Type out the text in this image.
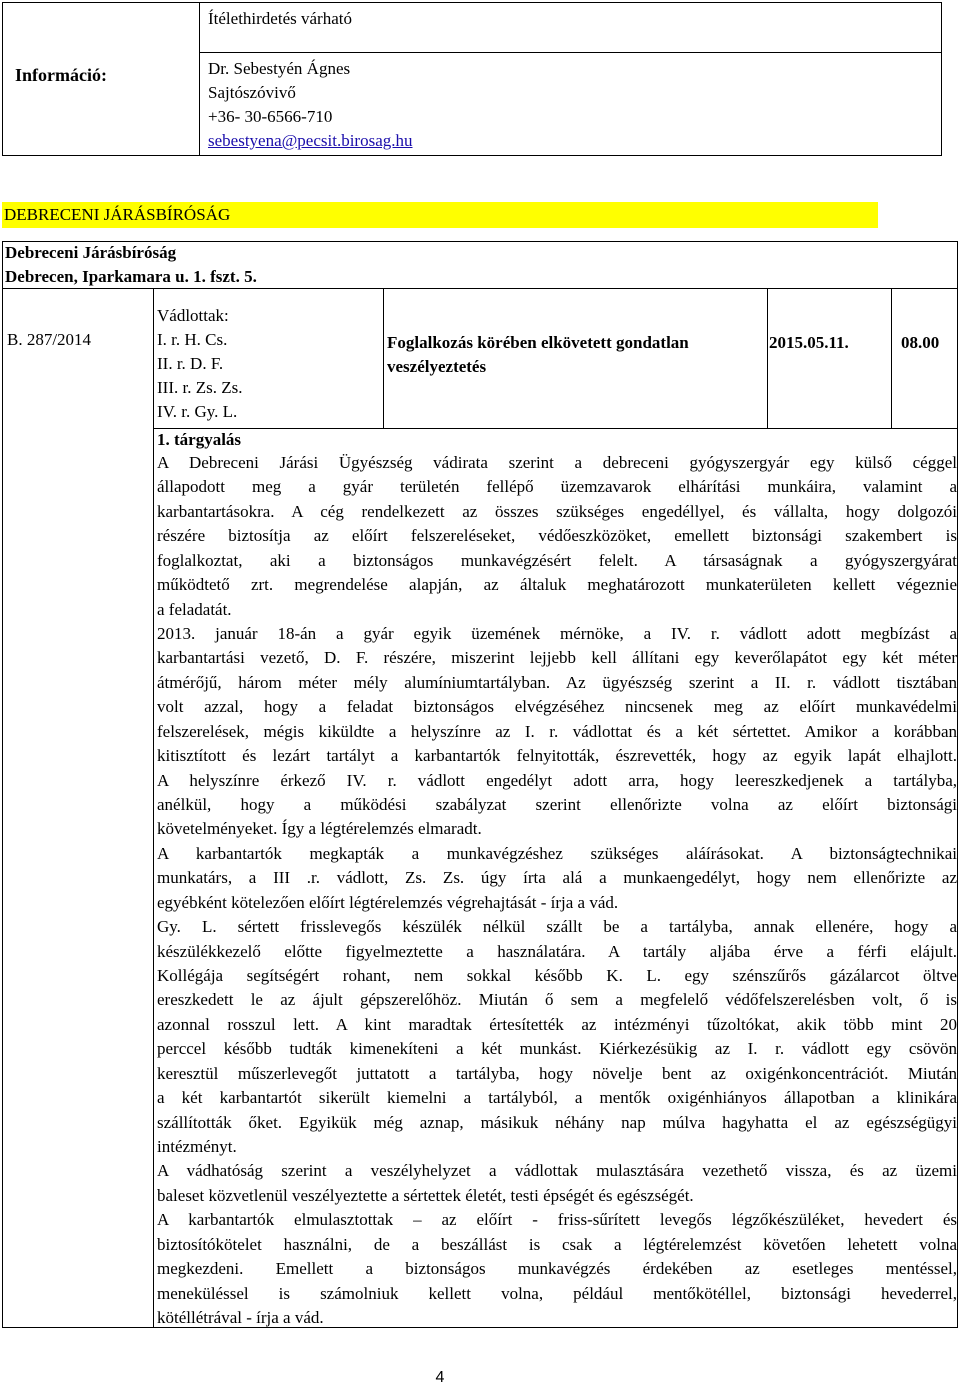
Ítélethirdetés várható
Információ:	Dr. Sebestyén Ágnes
Sajtószóvivő
+36- 30-6566-710
sebestyena@pecsit.birosag.hu
DEBRECENI JÁRÁSBÍRÓSÁG
Debreceni Járásbíróság
Debrecen, Iparkamara u. 1. fszt. 5.
B. 287/2014
Vádlottak:
I. r. H. Cs.
II. r. D. F.
III. r. Zs. Zs.
IV. r. Gy. L.
Foglalkozás körében elkövetett gondatlan
veszélyeztetés
2015.05.11.	08.00
1. tárgyalás
A Debreceni Járási Ügyészség vádirata szerint a debreceni gyógyszergyár egy külső céggel
állapodott meg a gyár területén fellépő üzemzavarok elhárítási munkáira, valamint a
karbantartásokra. A cég rendelkezett az összes szükséges engedéllyel, és vállalta, hogy dolgozói
részére biztosítja az előírt felszereléseket, védőeszközöket, emellett biztonsági szakembert is
foglalkoztat, aki a biztonságos munkavégzésért felelt. A társaságnak a gyógyszergyárat
működtető zrt. megrendelése alapján, az általuk meghatározott munkaterületen kellett végeznie
a feladatát.
2013. január 18-án a gyár egyik üzemének mérnöke, a IV. r. vádlott adott megbízást a
karbantartási vezető, D. F. részére, miszerint lejjebb kell állítani egy keverőlapátot egy két méter
átmérőjű, három méter mély alumíniumtartályban. Az ügyészség szerint a II. r. vádlott tisztában
volt azzal, hogy a feladat biztonságos elvégzéséhez nincsenek meg az előírt munkavédelmi
felszerelések, mégis kiküldte a helyszínre az I. r. vádlottat és a két sértettet. Amikor a korábban
kitisztított és lezárt tartályt a karbantartók felnyitották, észrevették, hogy az egyik lapát elhajlott.
A helyszínre érkező IV. r. vádlott engedélyt adott arra, hogy leereszkedjenek a tartályba,
anélkül, hogy a működési szabályzat szerint ellenőrizte volna az előírt biztonsági
követelményeket. Így a légtérelemzés elmaradt.
A karbantartók megkapták a munkavégzéshez szükséges aláírásokat. A biztonságtechnikai
munkatárs, a III .r. vádlott, Zs. Zs. úgy írta alá a munkaengedélyt, hogy nem ellenőrizte az
egyébként kötelezően előírt légtérelemzés végrehajtását - írja a vád.
Gy. L. sértett frisslevegős készülék nélkül szállt be a tartályba, annak ellenére, hogy a
készülékkezelő előtte figyelmeztette a használatára. A tartály aljába érve a férfi elájult.
Kollégája segítségért rohant, nem sokkal később K. L. egy szénszűrős gázálarcot öltve
ereszkedett le az ájult gépszerelőhöz. Miután ő sem a megfelelő védőfelszerelésben volt, ő is
azonnal rosszul lett. A kint maradtak értesítették az intézményi tűzoltókat, akik több mint 20
perccel később tudták kimenekíteni a két munkást. Kiérkezésükig az I. r. vádlott egy csövön
keresztül műszerlevegőt juttatott a tartályba, hogy növelje bent az oxigénkoncentrációt. Miután
a két karbantartót sikerült kiemelni a tartályból, a mentők oxigénhiányos állapotban a klinikára
szállították őket. Egyikük még aznap, másikuk néhány nap múlva hagyhatta el az egészségügyi
intézményt.
A vádhatóság szerint a veszélyhelyzet a vádlottak mulasztására vezethető vissza, és az üzemi
baleset közvetlenül veszélyeztette a sértettek életét, testi épségét és egészségét.
A karbantartók elmulasztottak – az előírt - friss-sűrített levegős légzőkészüléket, hevedert és
biztosítókötelet használni, de a beszállást is csak a légtérelemzést követően lehetett volna
megkezdeni. Emellett a biztonságos munkavégzés érdekében az esetleges mentéssel,
meneküléssel is számolniuk kellett volna, például mentőkötéllel, biztonsági hevederrel,
kötéllétrával - írja a vád.
4
